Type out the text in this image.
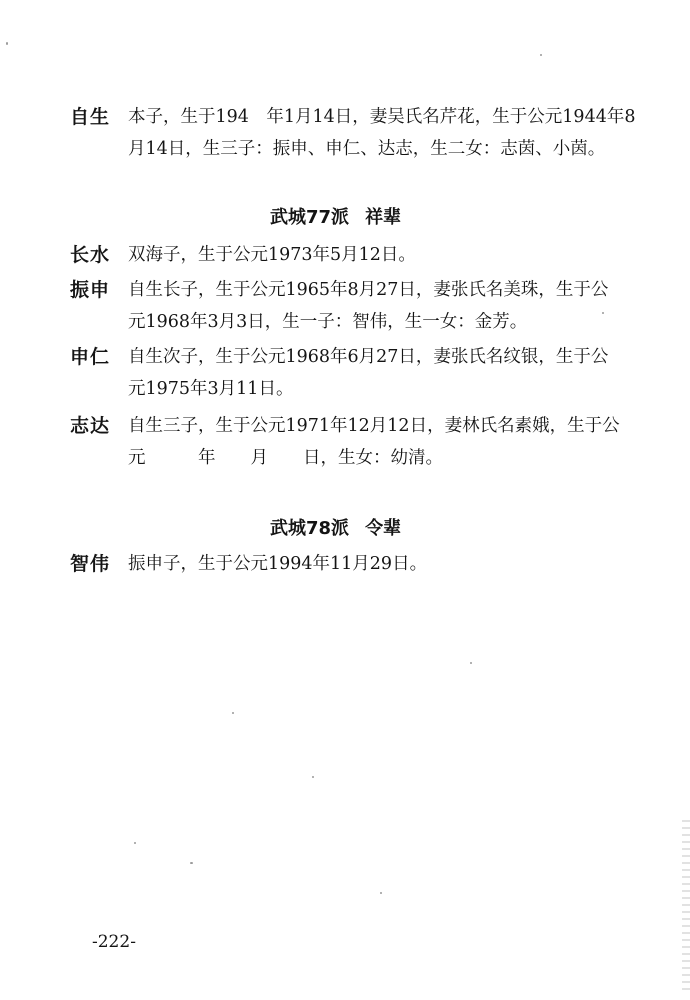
自生 本子，生于194　年1月14日，妻吴氏名芹花，生于公元1944年8
月14日，生三子：振申、申仁、达志，生二女：志茵、小茵。
武城77派 祥辈
长水 双海子，生于公元1973年5月12日。
振申 自生长子，生于公元1965年8月27日，妻张氏名美珠，生于公
元1968年3月3日，生一子：智伟，生一女：金芳。
申仁 自生次子，生于公元1968年6月27日，妻张氏名纹银，生于公
元1975年3月11日。
志达 自生三子，生于公元1971年12月12日，妻林氏名素娥，生于公
元　　　年　　月　　日，生女：幼清。
武城78派 令辈
智伟 振申子，生于公元1994年11月29日。
-222-
